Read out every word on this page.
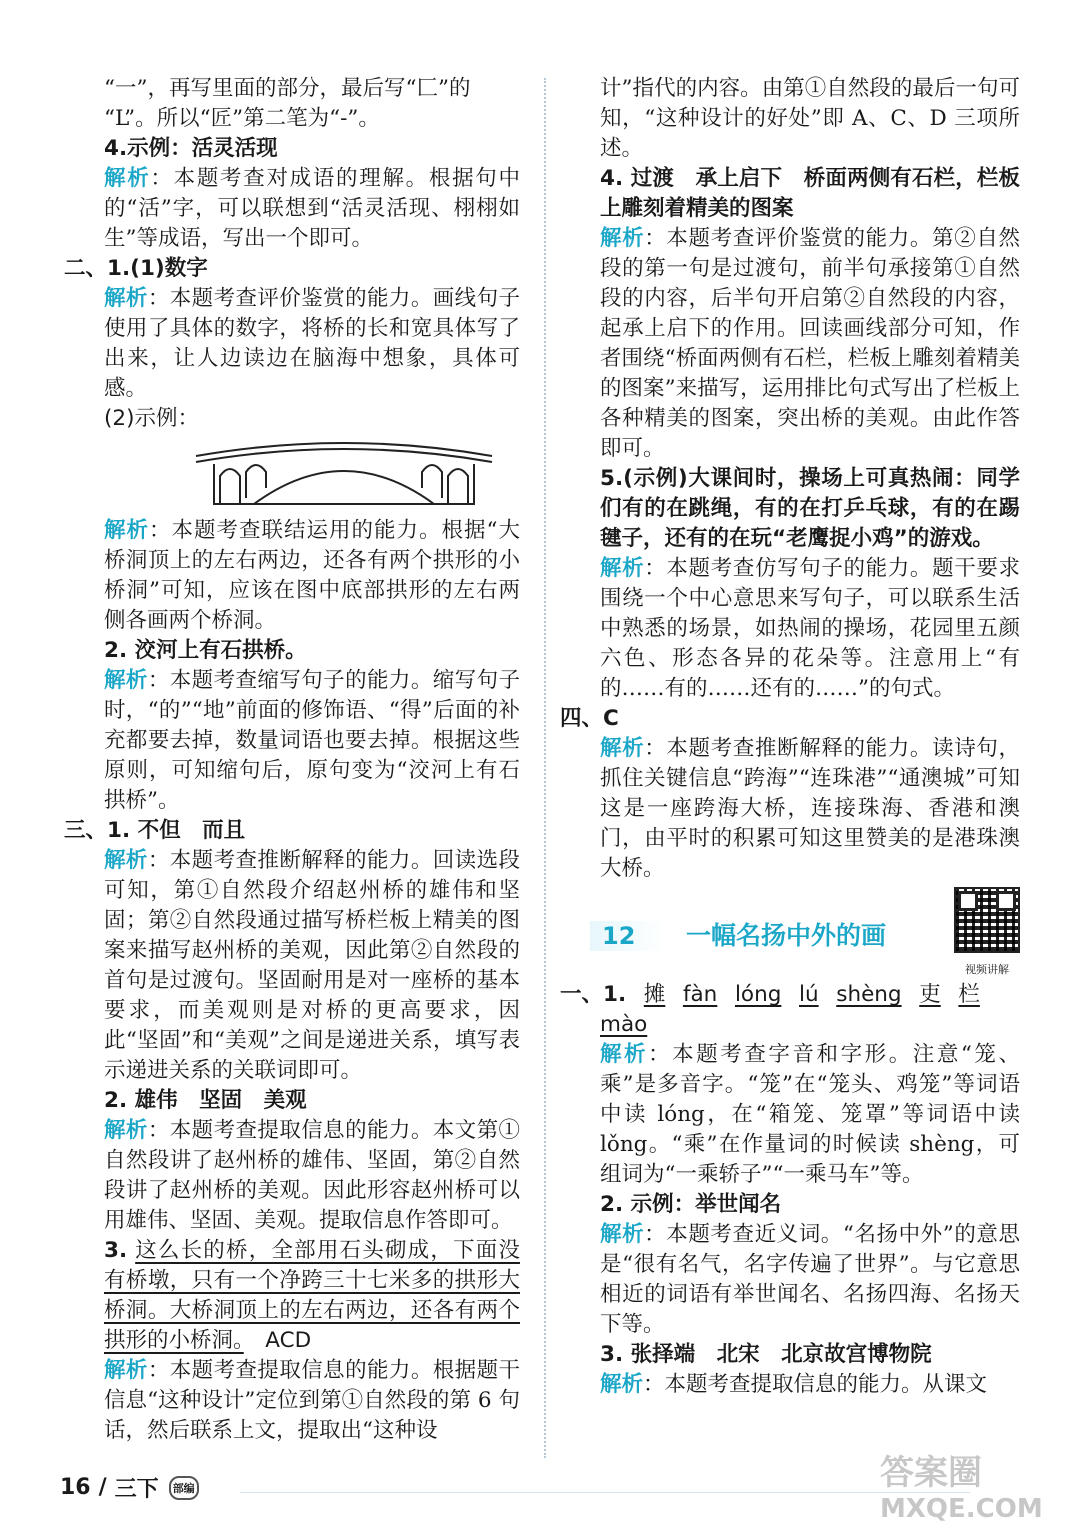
“一”，再写里面的部分，最后写“匚”的

“L”。所以“匠”第二笔为“-”。

4.示例：活灵活现

解析：本题考查对成语的理解。根据句中的“活”字，可以联想到“活灵活现、栩栩如生”等成语，写出一个即可。

二、1.(1)数字

解析：本题考查评价鉴赏的能力。画线句子使用了具体的数字，将桥的长和宽具体写了出来，让人边读边在脑海中想象，具体可感。

(2)示例：

解析：本题考查联结运用的能力。根据“大桥洞顶上的左右两边，还各有两个拱形的小桥洞”可知，应该在图中底部拱形的左右两侧各画两个桥洞。

2. 洨河上有石拱桥。

解析：本题考查缩写句子的能力。缩写句子时，“的”“地”前面的修饰语、“得”后面的补充都要去掉，数量词语也要去掉。根据这些原则，可知缩句后，原句变为“洨河上有石拱桥”。

三、1. 不但　而且

解析：本题考查推断解释的能力。回读选段可知，第①自然段介绍赵州桥的雄伟和坚固；第②自然段通过描写桥栏板上精美的图案来描写赵州桥的美观，因此第②自然段的首句是过渡句。坚固耐用是对一座桥的基本要求，而美观则是对桥的更高要求，因此“坚固”和“美观”之间是递进关系，填写表示递进关系的关联词即可。

2. 雄伟　坚固　美观

解析：本题考查提取信息的能力。本文第①自然段讲了赵州桥的雄伟、坚固，第②自然段讲了赵州桥的美观。因此形容赵州桥可以用雄伟、坚固、美观。提取信息作答即可。

3. 这么长的桥，全部用石头砌成，下面没有桥墩，只有一个净跨三十七米多的拱形大桥洞。大桥洞顶上的左右两边，还各有两个拱形的小桥洞。　 ACD

解析：本题考查提取信息的能力。根据题干信息“这种设计”定位到第①自然段的第 6 句话，然后联系上文，提取出“这种设

计”指代的内容。由第①自然段的最后一句可知，“这种设计的好处”即 A、C、D 三项所述。

4. 过渡　承上启下　桥面两侧有石栏，栏板上雕刻着精美的图案

解析：本题考查评价鉴赏的能力。第②自然段的第一句是过渡句，前半句承接第①自然段的内容，后半句开启第②自然段的内容，起承上启下的作用。回读画线部分可知，作者围绕“桥面两侧有石栏，栏板上雕刻着精美的图案”来描写，运用排比句式写出了栏板上各种精美的图案，突出桥的美观。由此作答即可。

5.(示例)大课间时，操场上可真热闹：同学们有的在跳绳，有的在打乒乓球，有的在踢毽子，还有的在玩“老鹰捉小鸡”的游戏。

解析：本题考查仿写句子的能力。题干要求围绕一个中心意思来写句子，可以联系生活中熟悉的场景，如热闹的操场，花园里五颜六色、形态各异的花朵等。注意用上“有的……有的……还有的……”的句式。

四、C

解析：本题考查推断解释的能力。读诗句，抓住关键信息“跨海”“连珠港”“通澳城”可知这是一座跨海大桥，连接珠海、香港和澳门，由平时的积累可知这里赞美的是港珠澳大桥。

12	一幅名扬中外的画
视频讲解
一、1. 摊 fàn lóng lú shèng 吏 栏

mào

解析：本题考查字音和字形。注意“笼、乘”是多音字。“笼”在“笼头、鸡笼”等词语中读 lóng，在“箱笼、笼罩”等词语中读 lǒng。“乘”在作量词的时候读 shèng，可组词为“一乘轿子”“一乘马车”等。

2. 示例：举世闻名

解析：本题考查近义词。“名扬中外”的意思是“很有名气，名字传遍了世界”。与它意思相近的词语有举世闻名、名扬四海、名扬天下等。

3. 张择端　北宋　北京故宫博物院

解析：本题考查提取信息的能力。从课文

16 / 三下	部编	答案圈
MXQE.COM
